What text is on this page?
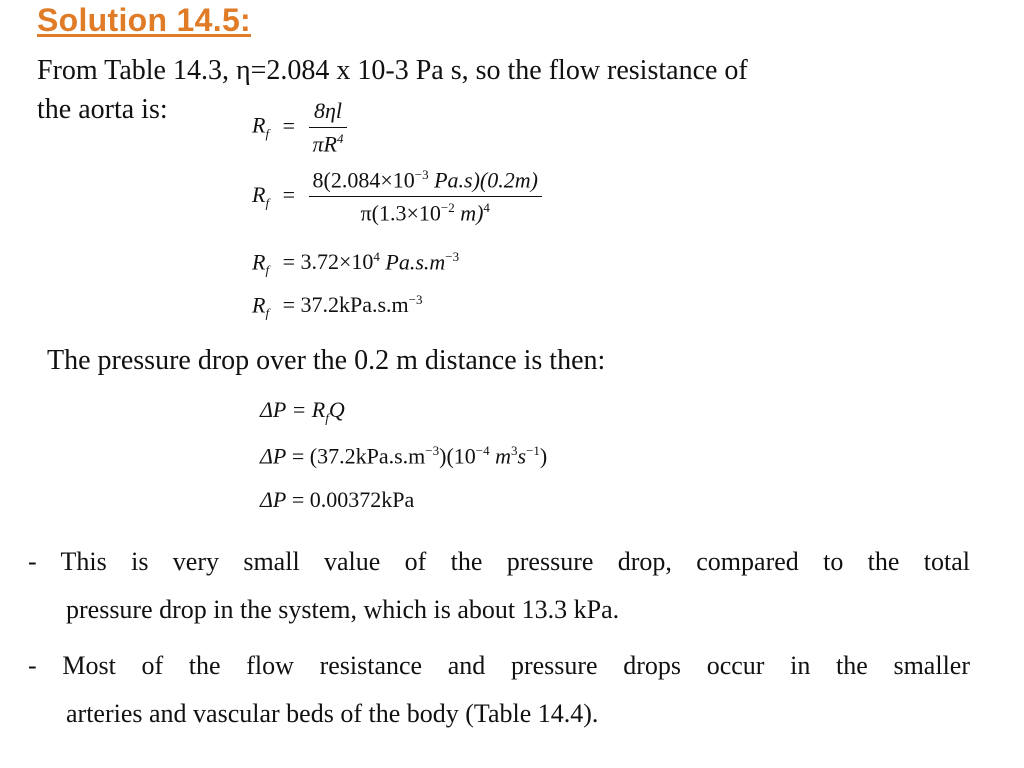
Solution 14.5:
From Table 14.3, η=2.084 x 10-3 Pa s, so the flow resistance of
the aorta is:
$R_f = \frac{8\eta l}{\pi R^4}$
$R_f = \frac{8(2.084\times 10^{-3} Pa.s)(0.2m)}{\pi(1.3\times 10^{-2} m)^4}$
$R_f = 3.72\times 10^4$ $Pa.s.m^{-3}$
$R_f = 37.2kPa.s.m^{-3}$
The pressure drop over the 0.2 m distance is then:
$\Delta P = R_fQ$
$\Delta P = (37.2kPa.s.m^{-3})(10^{-4}$ $m^3s^{-1}$)
ΔP = 0.00372kPa
- This is very small value of the pressure drop, compared to the total
pressure drop in the system, which is about 13.3 kPa.
- Most of the flow resistance and pressure drops occur in the smaller
arteries and vascular beds of the body (Table 14.4).
